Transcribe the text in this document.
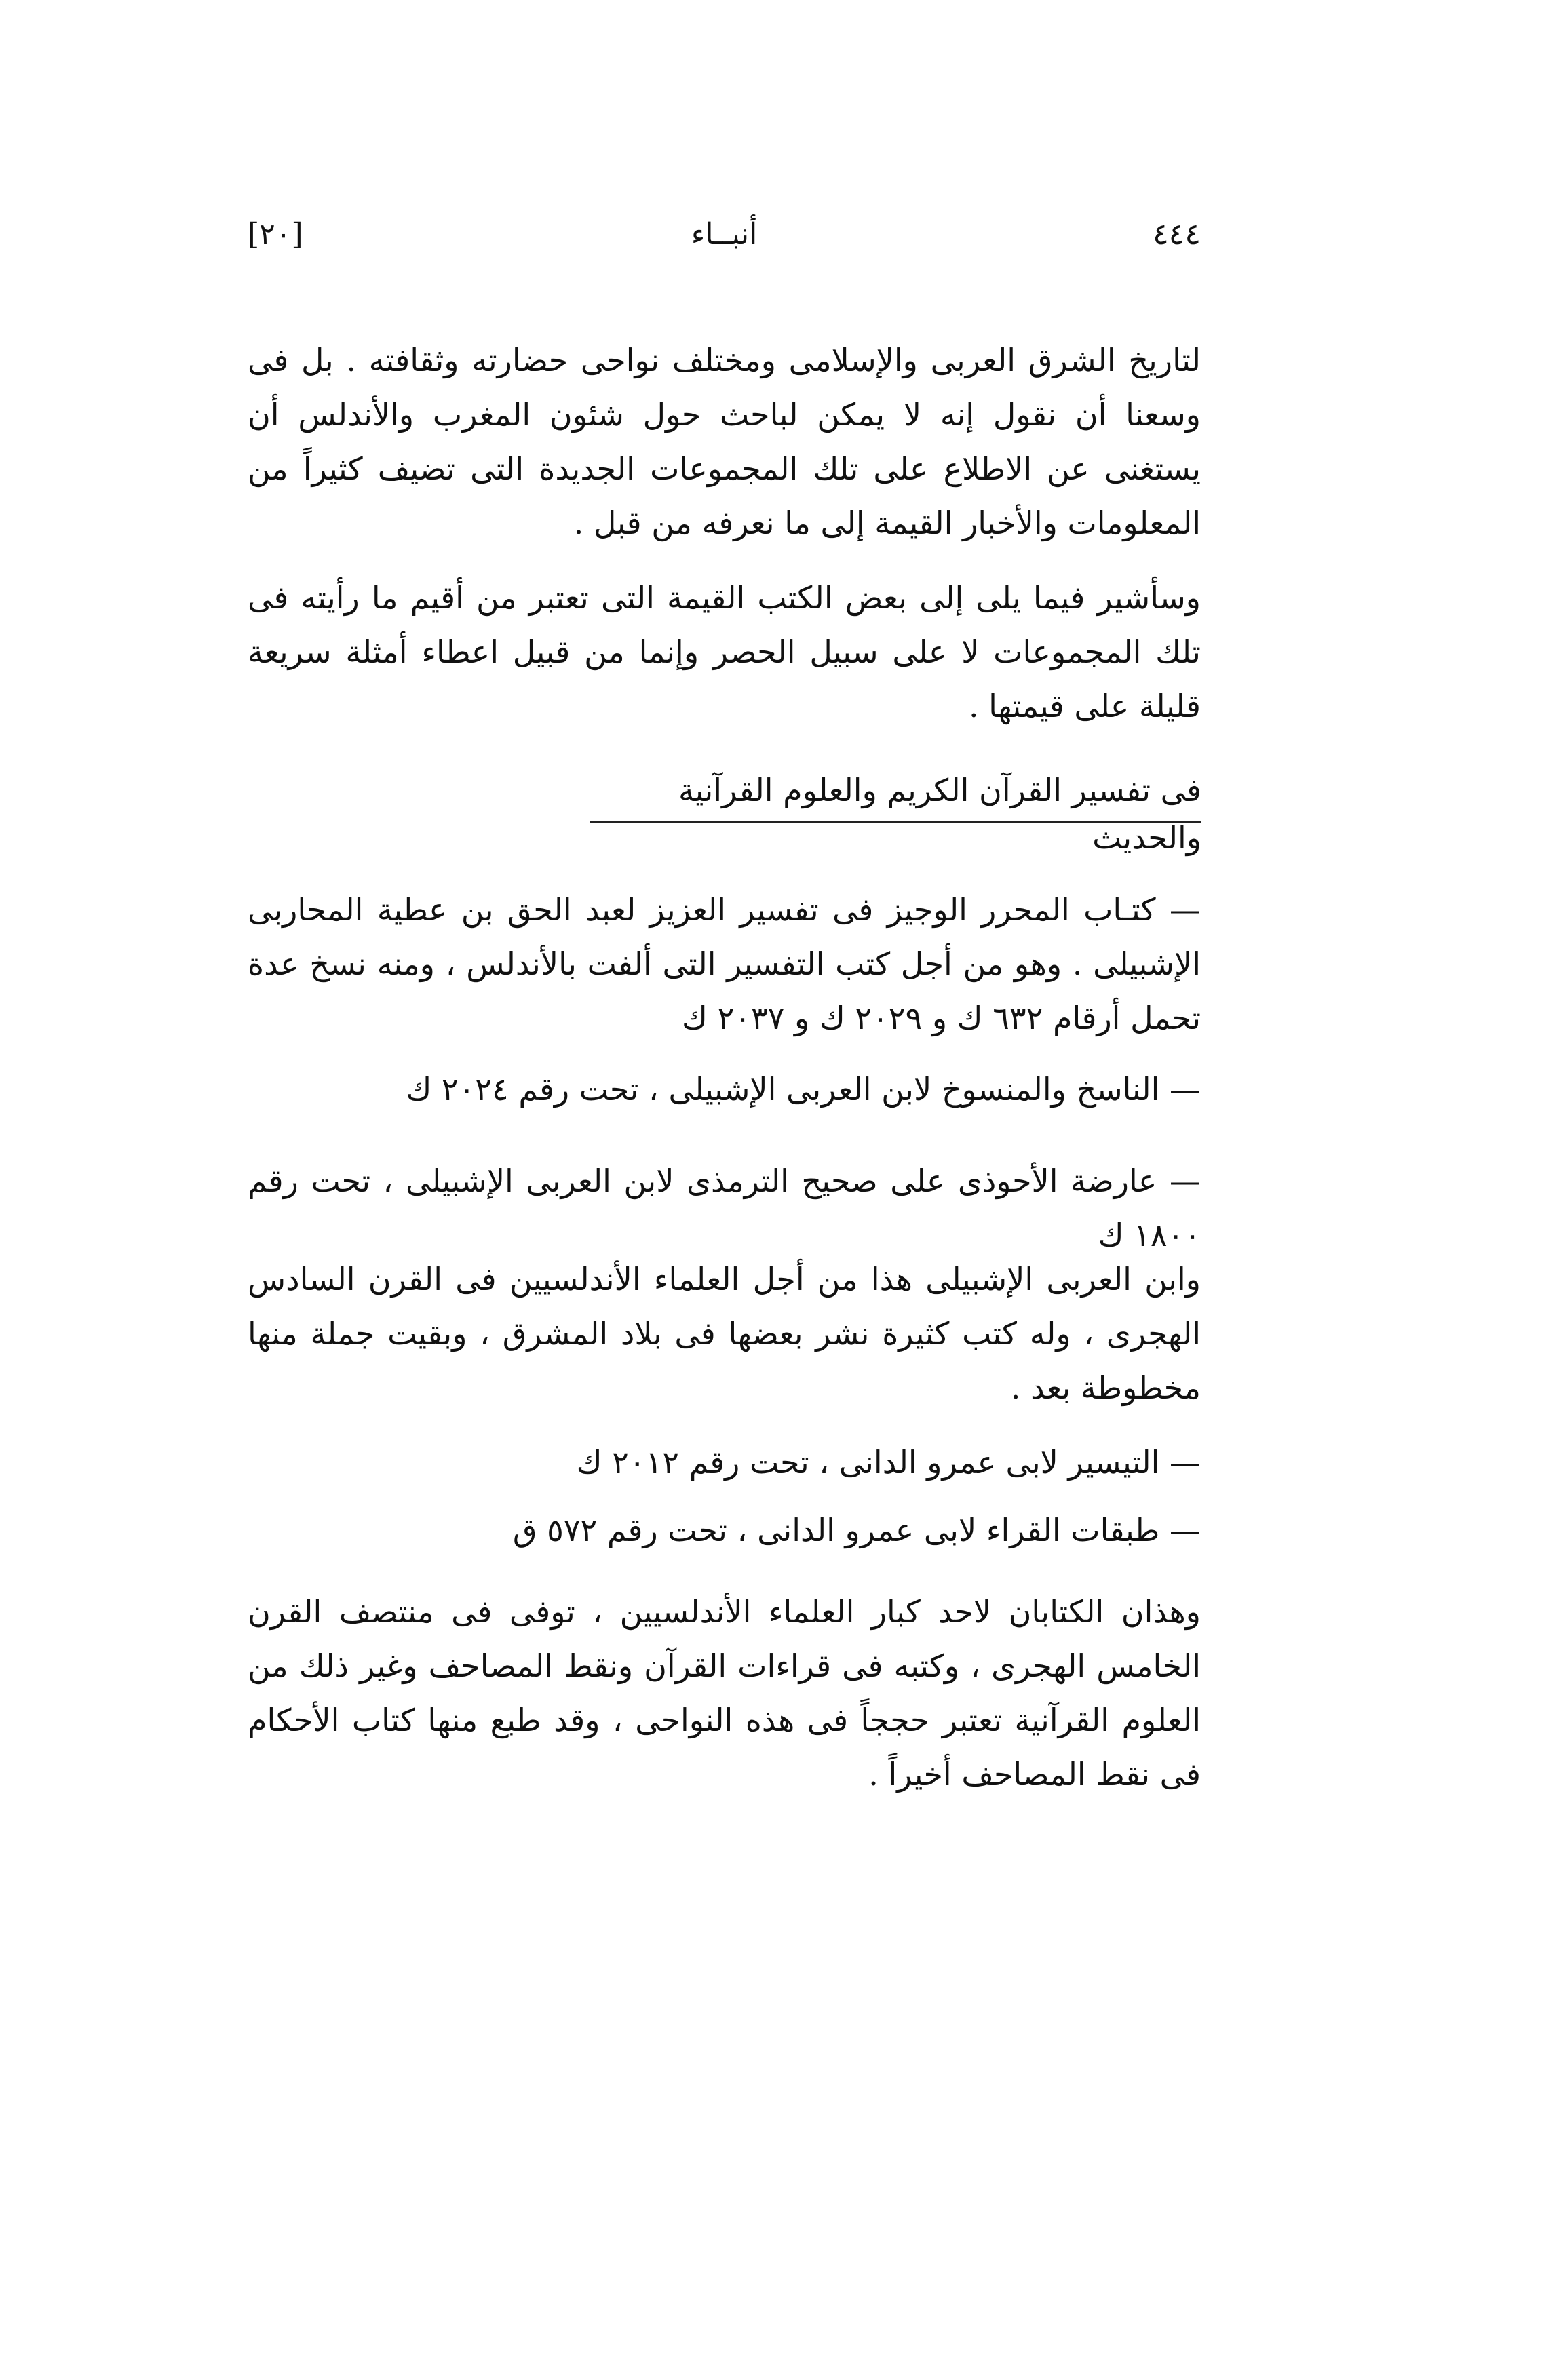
٤٤٤
أنبــاء
[٢٠]

لتاريخ الشرق العربى والإسلامى ومختلف نواحى حضارته وثقافته . بل فى وسعنا أن نقول إنه لا يمكن لباحث حول شئون المغرب والأندلس أن يستغنى عن الاطلاع على تلك المجموعات الجديدة التى تضيف كثيراً من المعلومات والأخبار القيمة إلى ما نعرفه من قبل .

وسأشير فيما يلى إلى بعض الكتب القيمة التى تعتبر من أقيم ما رأيته فى تلك المجموعات لا على سبيل الحصر وإنما من قبيل اعطاء أمثلة سريعة قليلة على قيمتها .

فى تفسير القرآن الكريم والعلوم القرآنية والحديث

— كتـاب المحرر الوجيز فى تفسير العزيز لعبد الحق بن عطية المحاربى الإشبيلى . وهو من أجل كتب التفسير التى ألفت بالأندلس ، ومنه نسخ عدة تحمل أرقام ٦٣٢ ك و ٢٠٢٩ ك و ٢٠٣٧ ك

— الناسخ والمنسوخ لابن العربى الإشبيلى ، تحت رقم ٢٠٢٤ ك

— عارضة الأحوذى على صحيح الترمذى لابن العربى الإشبيلى ، تحت رقم ١٨٠٠ ك

وابن العربى الإشبيلى هذا من أجل العلماء الأندلسيين فى القرن السادس الهجرى ، وله كتب كثيرة نشر بعضها فى بلاد المشرق ، وبقيت جملة منها مخطوطة بعد .

— التيسير لابى عمرو الدانى ، تحت رقم ٢٠١٢ ك

— طبقات القراء لابى عمرو الدانى ، تحت رقم ٥٧٢ ق

وهذان الكتابان لاحد كبار العلماء الأندلسيين ، توفى فى منتصف القرن الخامس الهجرى ، وكتبه فى قراءات القرآن ونقط المصاحف وغير ذلك من العلوم القرآنية تعتبر حججاً فى هذه النواحى ، وقد طبع منها كتاب الأحكام فى نقط المصاحف أخيراً .
